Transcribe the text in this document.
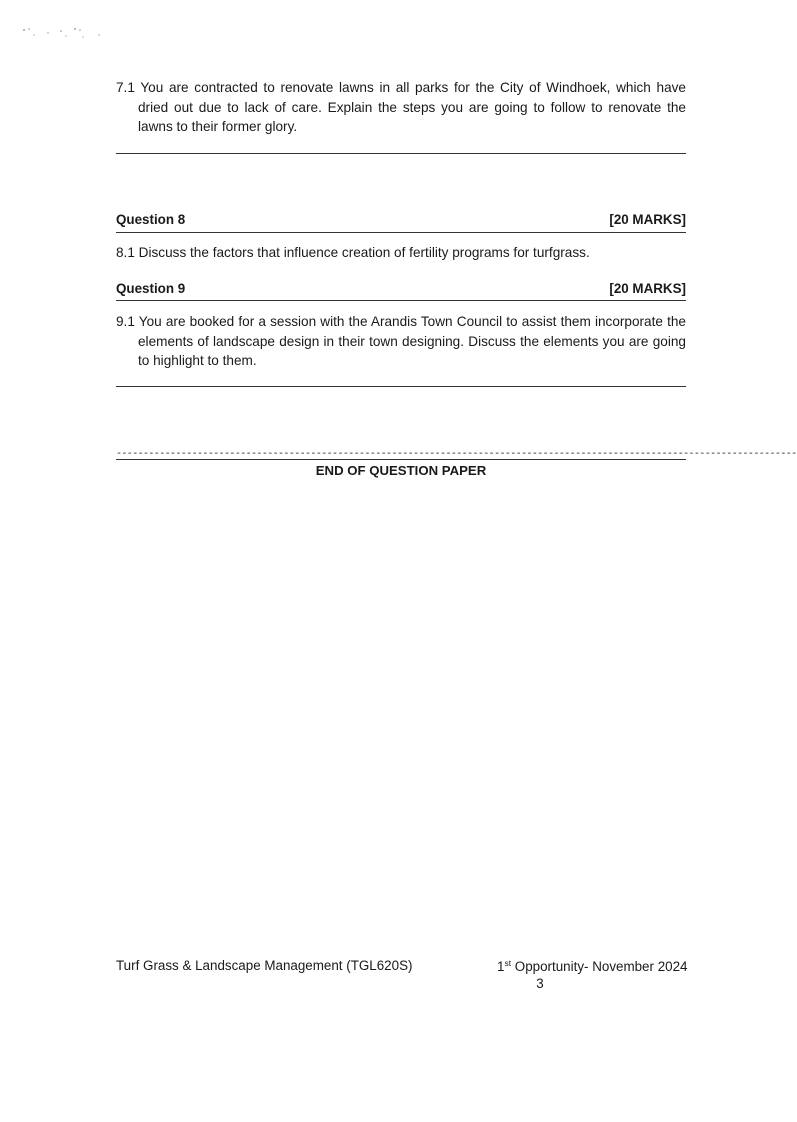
7.1 You are contracted to renovate lawns in all parks for the City of Windhoek, which have dried out due to lack of care. Explain the steps you are going to follow to renovate the lawns to their former glory.

Question 8	[20 MARKS]

8.1 Discuss the factors that influence creation of fertility programs for turfgrass.

Question 9	[20 MARKS]

9.1 You are booked for a session with the Arandis Town Council to assist them incorporate the elements of landscape design in their town designing. Discuss the elements you are going to highlight to them.

------------------------------------------------------------------------------------------------------------------------------
END OF QUESTION PAPER
Turf Grass & Landscape Management (TGL620S)	1st Opportunity- November 2024
3
